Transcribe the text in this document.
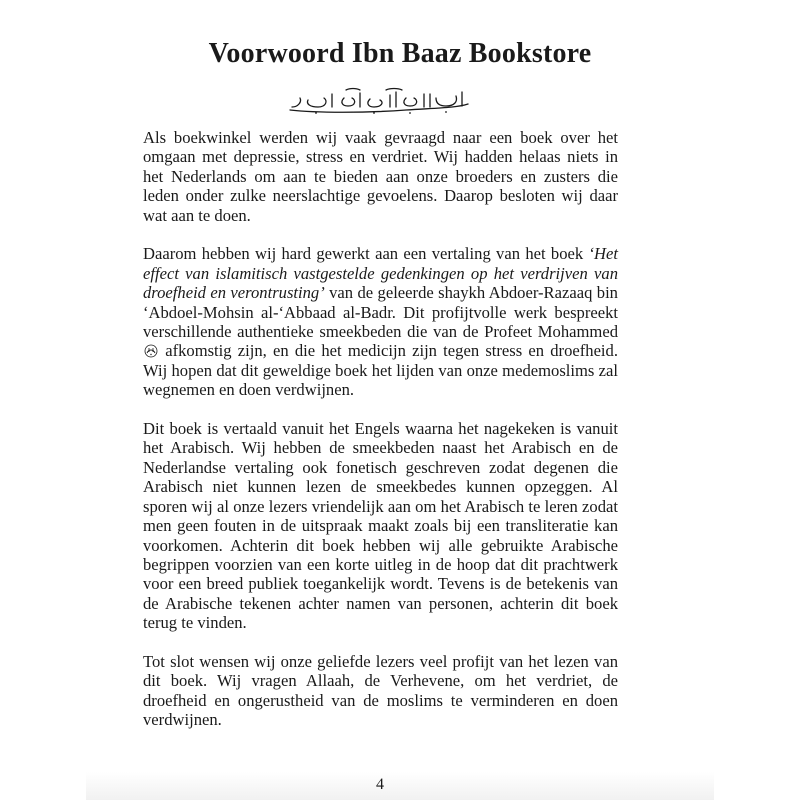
Voorwoord Ibn Baaz Bookstore

Als boekwinkel werden wij vaak gevraagd naar een boek over het omgaan met depressie, stress en verdriet. Wij hadden helaas niets in het Nederlands om aan te bieden aan onze broeders en zusters die leden onder zulke neerslachtige gevoelens. Daarop besloten wij daar wat aan te doen.

Daarom hebben wij hard gewerkt aan een vertaling van het boek ‘Het effect van islamitisch vastgestelde gedenkingen op het verdrijven van droefheid en verontrusting’ van de geleerde shaykh Abdoer-Razaaq bin ‘Abdoel-Mohsin al-‘Abbaad al-Badr. Dit profijtvolle werk bespreekt verschillende authentieke smeekbeden die van de Profeet Mohammed  afkomstig zijn, en die het medicijn zijn tegen stress en droefheid. Wij hopen dat dit geweldige boek het lijden van onze medemoslims zal wegnemen en doen verdwijnen.

Dit boek is vertaald vanuit het Engels waarna het nagekeken is vanuit het Arabisch. Wij hebben de smeekbeden naast het Arabisch en de Nederlandse vertaling ook fonetisch geschreven zodat degenen die Arabisch niet kunnen lezen de smeekbedes kunnen opzeggen. Al sporen wij al onze lezers vriendelijk aan om het Arabisch te leren zodat men geen fouten in de uitspraak maakt zoals bij een transliteratie kan voorkomen. Achterin dit boek hebben wij alle gebruikte Arabische begrippen voorzien van een korte uitleg in de hoop dat dit prachtwerk voor een breed publiek toegankelijk wordt. Tevens is de betekenis van de Arabische tekenen achter namen van personen, achterin dit boek terug te vinden.

Tot slot wensen wij onze geliefde lezers veel profijt van het lezen van dit boek. Wij vragen Allaah, de Verhevene, om het verdriet, de droefheid en ongerustheid van de moslims te verminderen en doen verdwijnen.

4
